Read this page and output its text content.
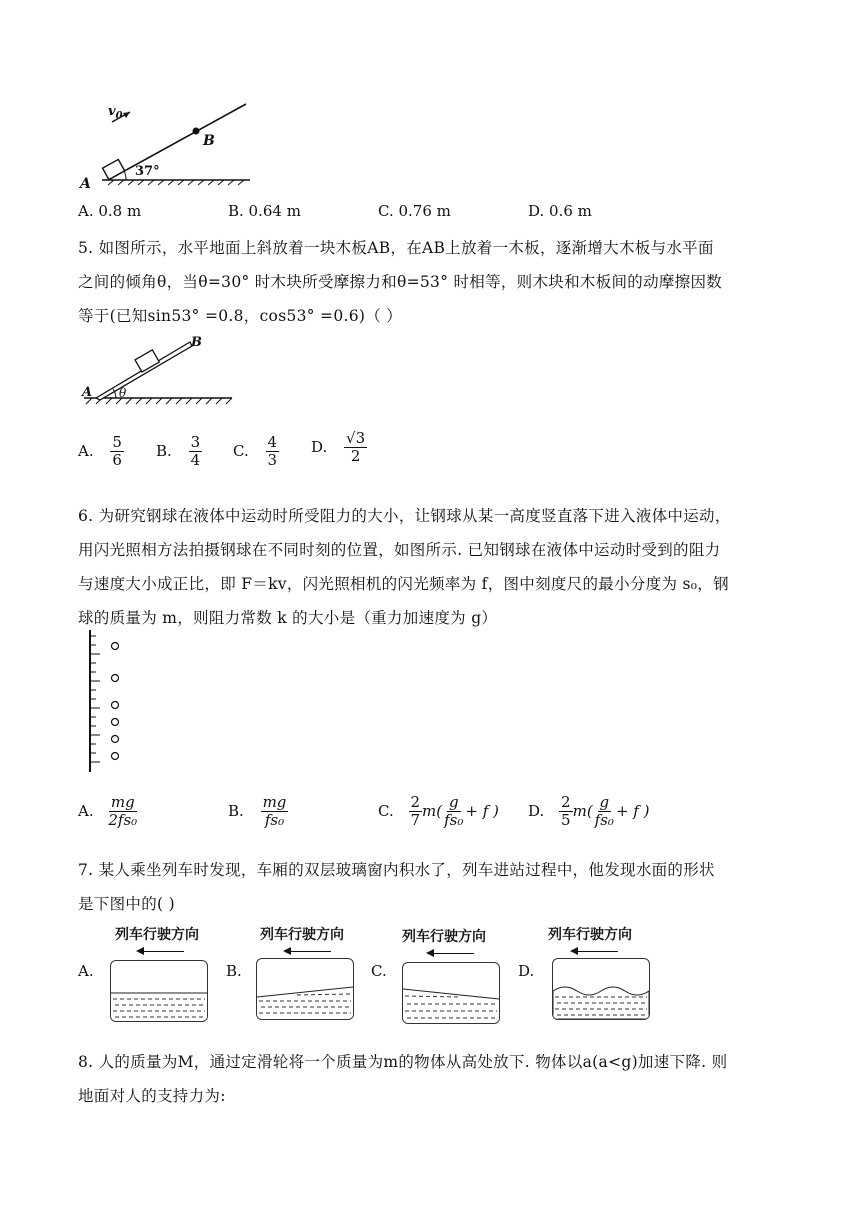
$v_0$
B
A
37°
A. 0.8 m	B. 0.64 m	C. 0.76 m	D. 0.6 m
5. 如图所示，水平地面上斜放着一块木板AB，在AB上放着一木板，逐渐增大木板与水平面
之间的倾角θ，当θ=30° 时木块所受摩擦力和θ=53° 时相等，则木块和木板间的动摩擦因数
等于(已知sin53° =0.8，cos53° =0.6)（ ）
A
B
θ
A. $\frac{5}{6} B$. $\frac{3}{4} C$. $\frac{4}{3} D$. $\frac{√3}{2}$
6. 为研究钢球在液体中运动时所受阻力的大小，让钢球从某一高度竖直落下进入液体中运动，
用闪光照相方法拍摄钢球在不同时刻的位置，如图所示. 已知钢球在液体中运动时受到的阻力
与速度大小成正比，即 F＝kv，闪光照相机的闪光频率为 f，图中刻度尺的最小分度为 s₀，钢
球的质量为 m，则阻力常数 k 的大小是（重力加速度为 g）
A. $\frac{mg}{\text{2fs₀}}$	B. $\frac{mg}{\text{fs₀}}$	C. $\frac{2}{7} m( \frac{g}{\text{fs₀}} + f$ ) D. $\frac{2}{5} m( \frac{g}{\text{fs₀}} + f$ )
7. 某人乘坐列车时发现，车厢的双层玻璃窗内积水了，列车进站过程中，他发现水面的形状
是下图中的( )
A.
列车行驶方向
B.
列车行驶方向
C.
列车行驶方向
D.
列车行驶方向
8. 人的质量为M，通过定滑轮将一个质量为m的物体从高处放下. 物体以a(a<g)加速下降. 则
地面对人的支持力为:
